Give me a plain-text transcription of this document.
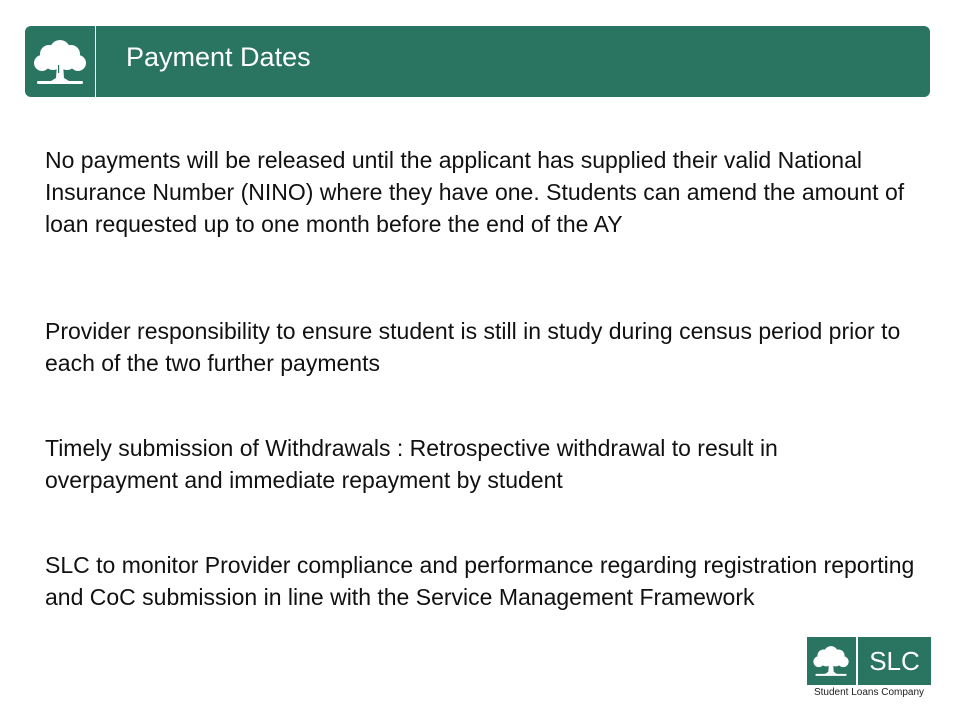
Payment Dates

No payments will be released until the applicant has supplied their valid National Insurance Number (NINO) where they have one. Students can amend the amount of loan requested up to one month before the end of the AY

Provider responsibility to ensure student is still in study during census period prior to each of the two further payments

Timely submission of Withdrawals : Retrospective withdrawal to result in overpayment and immediate repayment by student

SLC to monitor Provider compliance and performance regarding registration reporting and CoC submission in line with the Service Management Framework

SLC
Student Loans Company
